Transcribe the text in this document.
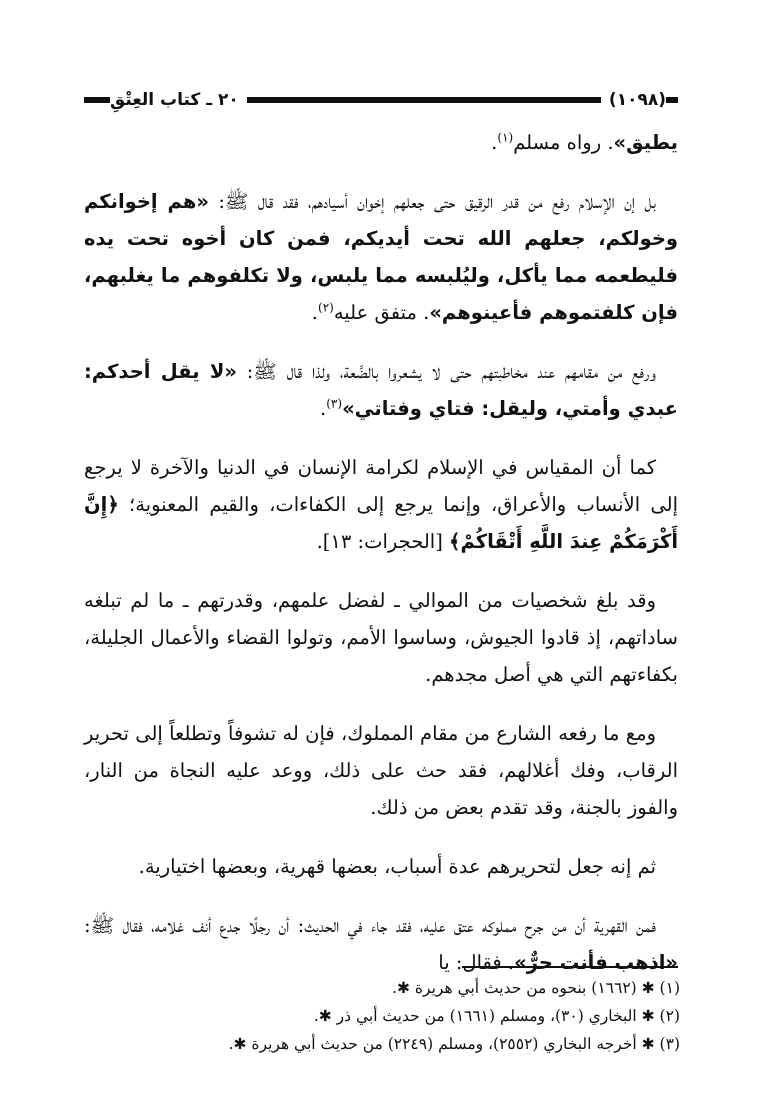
(١٠٩٨)
٢٠ ـ كتاب العِتْقِ

يطيق». رواه مسلم$^{(١)}$.

بل إن الإسلام رفع من قدر الرقيق حتى جعلهم إخوان أسيادهم، فقد قال ﷺ: «هم إخوانكم وخولكم، جعلهم الله تحت أيديكم، فمن كان أخوه تحت يده فليطعمه مما يأكل، وليُلبسه مما يلبس، ولا تكلفوهم ما يغلبهم، فإن كلفتموهم فأعينوهم». متفق عليه$^{(٢)}$.

ورفع من مقامهم عند مخاطبتهم حتى لا يشعروا بالضَّعة، ولذا قال ﷺ: «لا يقل أحدكم: عبدي وأمتي، وليقل: فتاي وفتاتي»$^{(٣)}$.

كما أن المقياس في الإسلام لكرامة الإنسان في الدنيا والآخرة لا يرجع إلى الأنساب والأعراق، وإنما يرجع إلى الكفاءات، والقيم المعنوية؛ ﴿إِنَّ أَكْرَمَكُمْ عِندَ اللَّهِ أَتْقَاكُمْ﴾ [الحجرات: ١٣].

وقد بلغ شخصيات من الموالي ـ لفضل علمهم، وقدرتهم ـ ما لم تبلغه ساداتهم، إذ قادوا الجيوش، وساسوا الأمم، وتولوا القضاء والأعمال الجليلة، بكفاءتهم التي هي أصل مجدهم.

ومع ما رفعه الشارع من مقام المملوك، فإن له تشوفاً وتطلعاً إلى تحرير الرقاب، وفك أغلالهم، فقد حث على ذلك، ووعد عليه النجاة من النار، والفوز بالجنة، وقد تقدم بعض من ذلك.

ثم إنه جعل لتحريرهم عدة أسباب، بعضها قهرية، وبعضها اختيارية.

فمن القهرية أن من جرح مملوكه عتق عليه، فقد جاء في الحديث: أن رجلًا جدع أنف غلامه، فقال ﷺ: «اذهب فأنت حرٌّ». فقال: يا

(١) ✱ (١٦٦٢) بنحوه من حديث أبي هريرة ✱.
(٢) ✱ البخاري (٣٠)، ومسلم (١٦٦١) من حديث أبي ذر ✱.
(٣) ✱ أخرجه البخاري (٢٥٥٢)، ومسلم (٢٢٤٩) من حديث أبي هريرة ✱.
